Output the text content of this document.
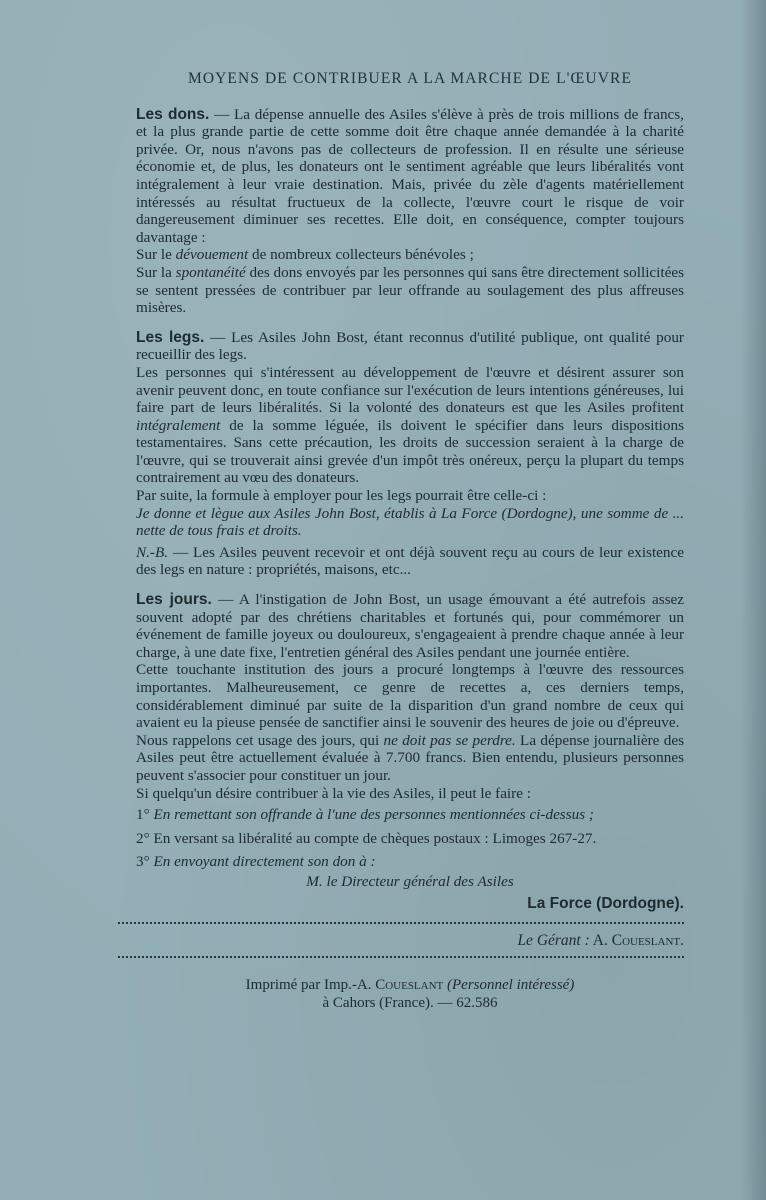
MOYENS DE CONTRIBUER A LA MARCHE DE L'ŒUVRE

Les dons. — La dépense annuelle des Asiles s'élève à près de trois millions de francs, et la plus grande partie de cette somme doit être chaque année demandée à la charité privée. Or, nous n'avons pas de collecteurs de profession. Il en résulte une sérieuse économie et, de plus, les donateurs ont le sentiment agréable que leurs libéralités vont intégralement à leur vraie destination. Mais, privée du zèle d'agents matériellement intéressés au résultat fructueux de la collecte, l'œuvre court le risque de voir dangereusement diminuer ses recettes. Elle doit, en conséquence, compter toujours davantage :

Sur le dévouement de nombreux collecteurs bénévoles ;

Sur la spontanéité des dons envoyés par les personnes qui sans être directement sollicitées se sentent pressées de contribuer par leur offrande au soulagement des plus affreuses misères.

Les legs. — Les Asiles John Bost, étant reconnus d'utilité publique, ont qualité pour recueillir des legs.

Les personnes qui s'intéressent au développement de l'œuvre et désirent assurer son avenir peuvent donc, en toute confiance sur l'exécution de leurs intentions généreuses, lui faire part de leurs libéralités. Si la volonté des donateurs est que les Asiles profitent intégralement de la somme léguée, ils doivent le spécifier dans leurs dispositions testamentaires. Sans cette précaution, les droits de succession seraient à la charge de l'œuvre, qui se trouverait ainsi grevée d'un impôt très onéreux, perçu la plupart du temps contrairement au vœu des donateurs.

Par suite, la formule à employer pour les legs pourrait être celle-ci :

Je donne et lègue aux Asiles John Bost, établis à La Force (Dordogne), une somme de ... nette de tous frais et droits.

N.-B. — Les Asiles peuvent recevoir et ont déjà souvent reçu au cours de leur existence des legs en nature : propriétés, maisons, etc...

Les jours. — A l'instigation de John Bost, un usage émouvant a été autrefois assez souvent adopté par des chrétiens charitables et fortunés qui, pour commémorer un événement de famille joyeux ou douloureux, s'engageaient à prendre chaque année à leur charge, à une date fixe, l'entretien général des Asiles pendant une journée entière.

Cette touchante institution des jours a procuré longtemps à l'œuvre des ressources importantes. Malheureusement, ce genre de recettes a, ces derniers temps, considérablement diminué par suite de la disparition d'un grand nombre de ceux qui avaient eu la pieuse pensée de sanctifier ainsi le souvenir des heures de joie ou d'épreuve.

Nous rappelons cet usage des jours, qui ne doit pas se perdre. La dépense journalière des Asiles peut être actuellement évaluée à 7.700 francs. Bien entendu, plusieurs personnes peuvent s'associer pour constituer un jour.

Si quelqu'un désire contribuer à la vie des Asiles, il peut le faire :

1° En remettant son offrande à l'une des personnes mentionnées ci-dessus ;

2° En versant sa libéralité au compte de chèques postaux : Limoges 267-27.

3° En envoyant directement son don à :

M. le Directeur général des Asiles

La Force (Dordogne).

Le Gérant : A. Coueslant.
Imprimé par Imp.-A. Coueslant (Personnel intéressé)
à Cahors (France). — 62.586
